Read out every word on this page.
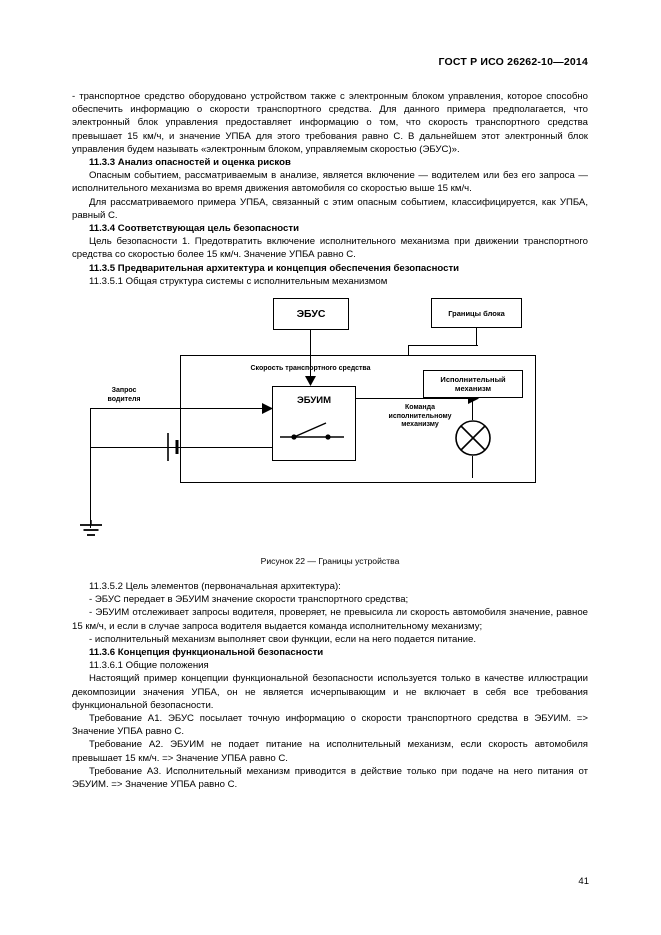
ГОСТ Р ИСО 26262-10—2014

- транспортное средство оборудовано устройством также с электронным блоком управления, которое способно обеспечить информацию о скорости транспортного средства. Для данного примера предполагается, что электронный блок управления предоставляет информацию о том, что скорость транспортного средства превышает 15 км/ч, и значение УПБА для этого требования равно С. В дальнейшем этот электронный блок управления будем называть «электронным блоком, управляемым скоростью (ЭБУС)».

11.3.3 Анализ опасностей и оценка рисков

Опасным событием, рассматриваемым в анализе, является включение — водителем или без его запроса — исполнительного механизма во время движения автомобиля со скоростью выше 15 км/ч.

Для рассматриваемого примера УПБА, связанный с этим опасным событием, классифицируется, как УПБА, равный С.

11.3.4 Соответствующая цель безопасности

Цель безопасности 1. Предотвратить включение исполнительного механизма при движении транспортного средства со скоростью более 15 км/ч. Значение УПБА равно С.

11.3.5 Предварительная архитектура и концепция обеспечения безопасности

11.3.5.1 Общая структура системы с исполнительным механизмом

ЭБУС	Границы блока
Скорость транспортного средства
ЭБУИМ
Запрос
водителя
Команда
исполнительному
механизму
Исполнительный
механизм
Рисунок 22 — Границы устройства

11.3.5.2 Цель элементов (первоначальная архитектура):

- ЭБУС передает в ЭБУИМ значение скорости транспортного средства;

- ЭБУИМ отслеживает запросы водителя, проверяет, не превысила ли скорость автомобиля значение, равное 15 км/ч, и если в случае запроса водителя выдается команда исполнительному механизму;

- исполнительный механизм выполняет свои функции, если на него подается питание.

11.3.6 Концепция функциональной безопасности

11.3.6.1 Общие положения

Настоящий пример концепции функциональной безопасности используется только в качестве иллюстрации декомпозиции значения УПБА, он не является исчерпывающим и не включает в себя все требования функциональной безопасности.

Требование А1. ЭБУС посылает точную информацию о скорости транспортного средства в ЭБУИМ. => Значение УПБА равно С.

Требование А2. ЭБУИМ не подает питание на исполнительный механизм, если скорость автомобиля превышает 15 км/ч. => Значение УПБА равно С.

Требование А3. Исполнительный механизм приводится в действие только при подаче на него питания от ЭБУИМ. => Значение УПБА равно С.

41
